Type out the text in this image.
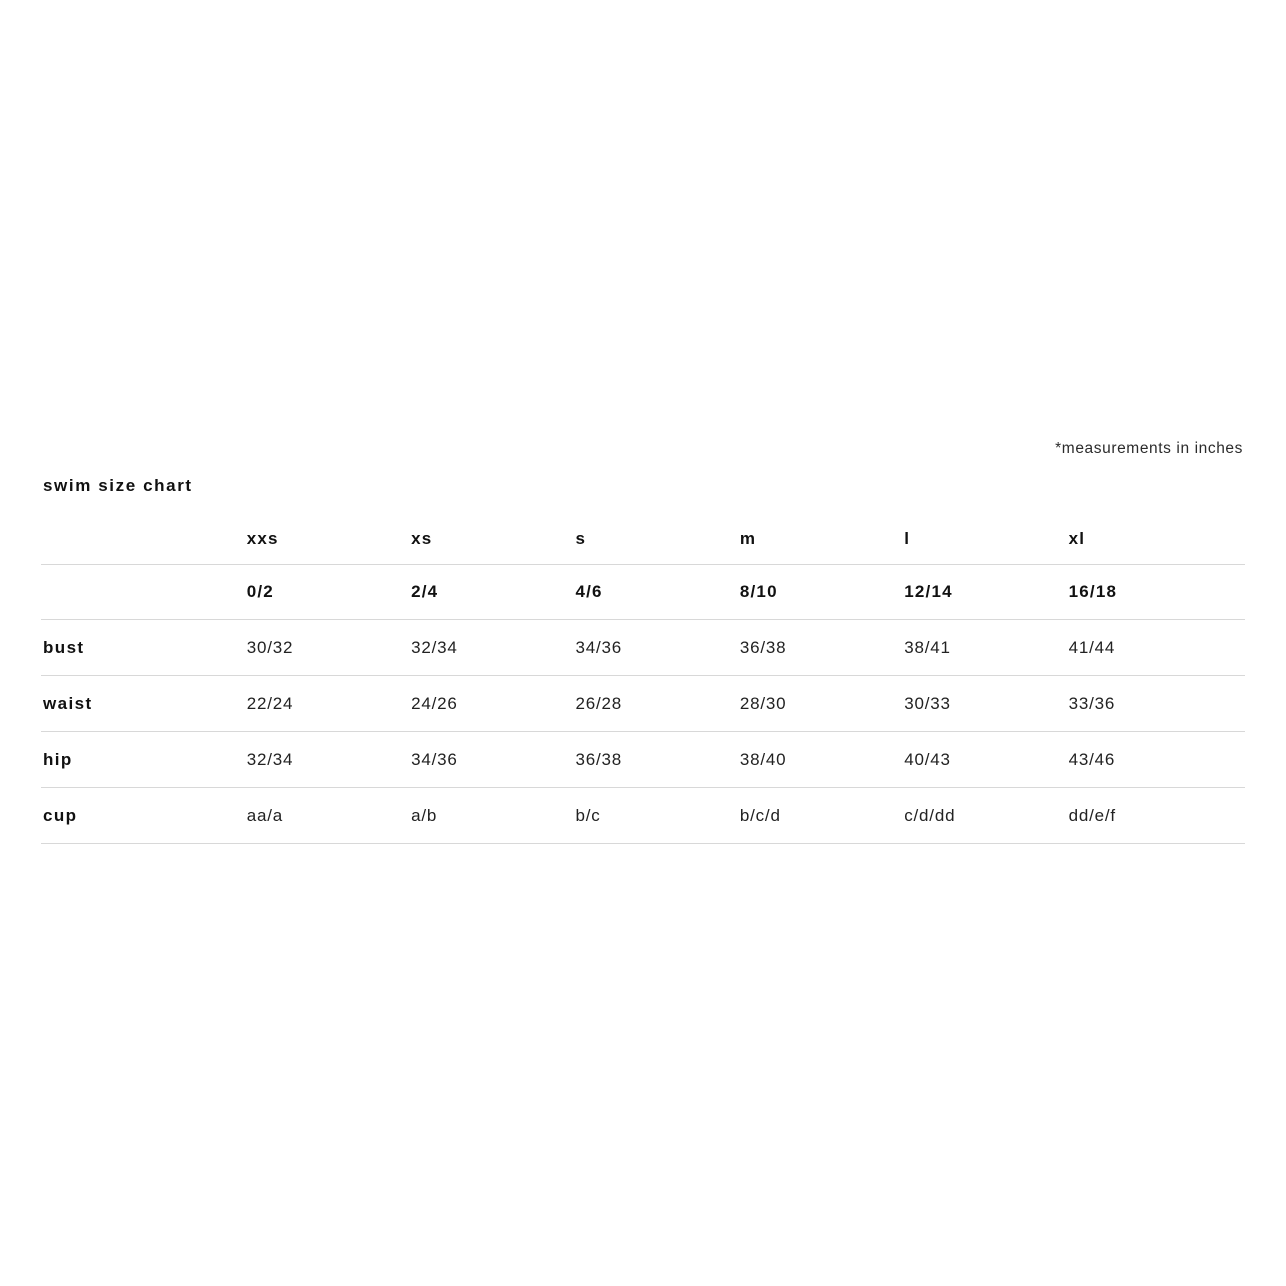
*measurements in inches
swim size chart

	xxs	xs	s	m	l	xl

	0/2	2/4	4/6	8/10	12/14	16/18

bust	30/32	32/34	34/36	36/38	38/41	41/44

waist	22/24	24/26	26/28	28/30	30/33	33/36

hip	32/34	34/36	36/38	38/40	40/43	43/46

cup	aa/a	a/b	b/c	b/c/d	c/d/dd	dd/e/f
